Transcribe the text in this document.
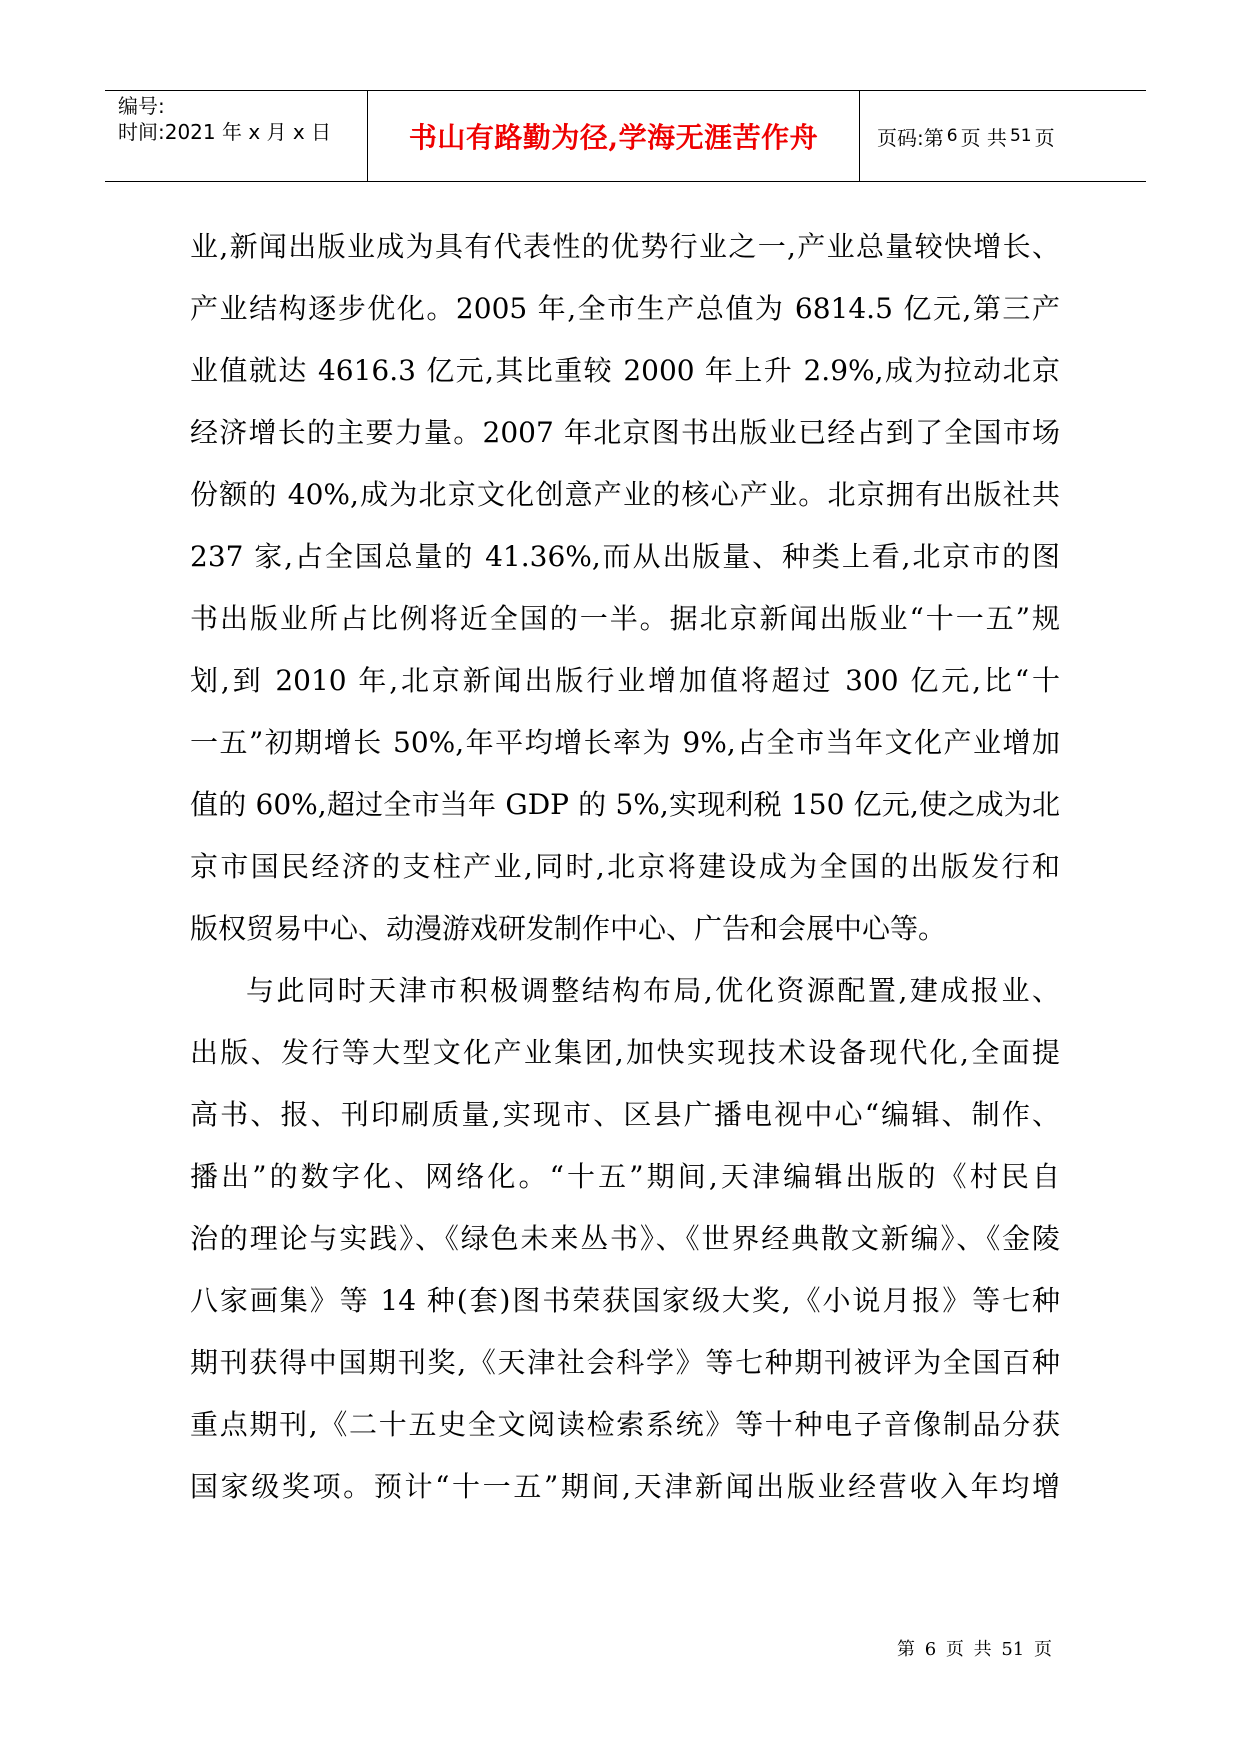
编号:
时间:2021 年 x 月 x 日	书山有路勤为径,学海无涯苦作舟	页码:第 6 页 共 51 页
业,新闻出版业成为具有代表性的优势行业之一,产业总量较快增长、
产业结构逐步优化。2005 年,全市生产总值为 6814.5 亿元,第三产
业值就达 4616.3 亿元,其比重较 2000 年上升 2.9%,成为拉动北京
经济增长的主要力量。2007 年北京图书出版业已经占到了全国市场
份额的 40%,成为北京文化创意产业的核心产业。北京拥有出版社共
237 家,占全国总量的 41.36%,而从出版量、种类上看,北京市的图
书出版业所占比例将近全国的一半。据北京新闻出版业“十一五”规
划,到 2010 年,北京新闻出版行业增加值将超过 300 亿元,比“十
一五”初期增长 50%,年平均增长率为 9%,占全市当年文化产业增加
值的 60%,超过全市当年 GDP 的 5%,实现利税 150 亿元,使之成为北
京市国民经济的支柱产业,同时,北京将建设成为全国的出版发行和
版权贸易中心、动漫游戏研发制作中心、广告和会展中心等。
与此同时天津市积极调整结构布局,优化资源配置,建成报业、
出版、发行等大型文化产业集团,加快实现技术设备现代化,全面提
高书、报、刊印刷质量,实现市、区县广播电视中心“编辑、制作、
播出”的数字化、网络化。“十五”期间,天津编辑出版的《村民自
治的理论与实践》、《绿色未来丛书》、《世界经典散文新编》、《金陵
八家画集》等 14 种(套)图书荣获国家级大奖,《小说月报》等七种
期刊获得中国期刊奖,《天津社会科学》等七种期刊被评为全国百种
重点期刊,《二十五史全文阅读检索系统》等十种电子音像制品分获
国家级奖项。预计“十一五”期间,天津新闻出版业经营收入年均增
第 6 页 共 51 页
